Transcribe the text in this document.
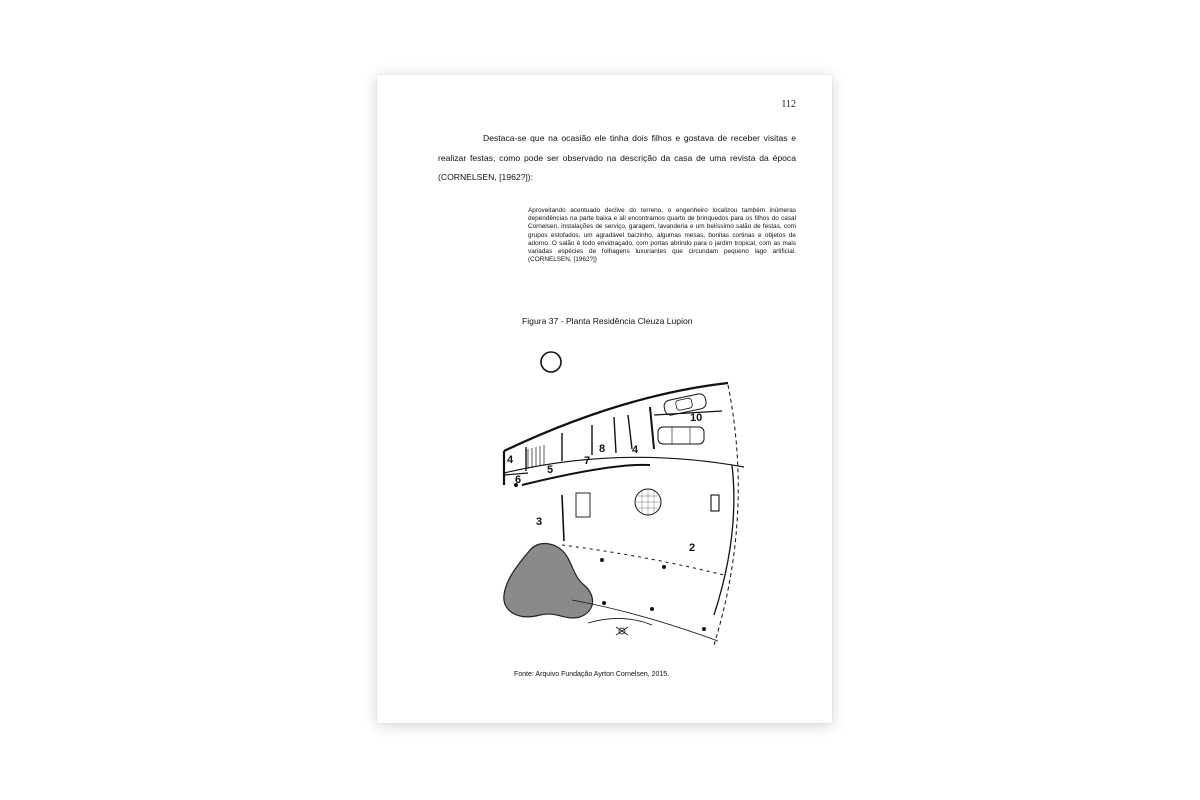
112

Destaca-se que na ocasião ele tinha dois filhos e gostava de receber visitas e realizar festas, como pode ser observado na descrição da casa de uma revista da época (CORNELSEN, [1962?]):

Aproveitando acentuado declive do terreno, o engenheiro localizou também inúmeras dependências na parte baixa e ali encontramos quarto de brinquedos para os filhos do casal Cornelsen, instalações de serviço, garagem, lavanderia e um belíssimo salão de festas, com grupos estofados, um agradável barzinho, algumas mesas, bonitas cortinas e objetos de adorno. O salão é todo envidraçado, com portas abrindo para o jardim tropical, com as mais variadas espécies de folhagens luxuriantes que circundam pequeno lago artificial.(CORNELSEN, [1962?])

Figura 37 - Planta Residência Cleuza Lupion

4
6
5
7
8 4
10
3
2

Fonte: Arquivo Fundação Ayrton Cornelsen, 2015.
